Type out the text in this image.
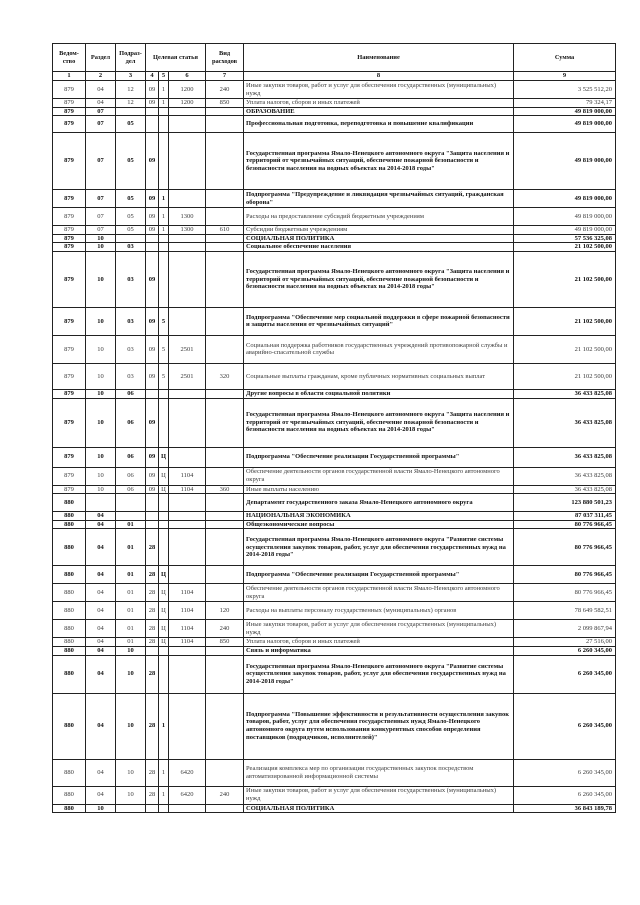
Ведом-ство	Раздел	Подраз-дел	Целевая статья			Вид расходов	Наименование	Сумма
1	2	3	4	5	6	7	8	9
879	04	12	09	1	1200	240	Иные закупки товаров, работ и услуг для обеспечения государственных (муниципальных) нужд	3 525 512,20
879	04	12	09	1	1200	850	Уплата налогов, сборов и иных платежей	79 324,17
879	07						ОБРАЗОВАНИЕ	49 819 000,00
879	07	05					Профессиональная подготовка, переподготовка и повышение квалификации	49 819 000,00
879	07	05	09				Государственная программа Ямало-Ненецкого автономного округа "Защита населения и территорий от чрезвычайных ситуаций, обеспечение пожарной безопасности и безопасности населения на водных объектах на 2014-2018 годы"	49 819 000,00
879	07	05	09	1			Подпрограмма "Предупреждение и ликвидация чрезвычайных ситуаций, гражданская оборона"	49 819 000,00
879	07	05	09	1	1300		Расходы на предоставление субсидий бюджетным учреждениям	49 819 000,00
879	07	05	09	1	1300	610	Субсидии бюджетным учреждениям	49 819 000,00
879	10						СОЦИАЛЬНАЯ ПОЛИТИКА	57 536 325,08
879	10	03					Социальное обеспечение населения	21 102 500,00
879	10	03	09				Государственная программа Ямало-Ненецкого автономного округа "Защита населения и территорий от чрезвычайных ситуаций, обеспечение пожарной безопасности и безопасности населения на водных объектах на 2014-2018 годы"	21 102 500,00
879	10	03	09	5			Подпрограмма "Обеспечение мер социальной поддержки в сфере пожарной безопасности и защиты населения от чрезвычайных ситуаций"	21 102 500,00
879	10	03	09	5	2501		Социальная поддержка работников государственных учреждений противопожарной службы и аварийно-спасательной службы	21 102 500,00
879	10	03	09	5	2501	320	Социальные выплаты гражданам, кроме публичных нормативных социальных выплат	21 102 500,00
879	10	06					Другие вопросы в области социальной политики	36 433 825,08
879	10	06	09				Государственная программа Ямало-Ненецкого автономного округа "Защита населения и территорий от чрезвычайных ситуаций, обеспечение пожарной безопасности и безопасности населения на водных объектах на 2014-2018 годы"	36 433 825,08
879	10	06	09	Ц			Подпрограмма "Обеспечение реализации Государственной программы"	36 433 825,08
879	10	06	09	Ц	1104		Обеспечение деятельности органов государственной власти Ямало-Ненецкого автономного округа	36 433 825,08
879	10	06	09	Ц	1104	360	Иные выплаты населению	36 433 825,08
880							Департамент государственного заказа Ямало-Ненецкого автономного округа	123 880 501,23
880	04						НАЦИОНАЛЬНАЯ ЭКОНОМИКА	87 037 311,45
880	04	01					Общеэкономические вопросы	80 776 966,45
880	04	01	28				Государственная программа Ямало-Ненецкого автономного округа "Развитие системы осуществления закупок товаров, работ, услуг для обеспечения государственных нужд на 2014-2018 годы"	80 776 966,45
880	04	01	28	Ц			Подпрограмма "Обеспечение реализации Государственной программы"	80 776 966,45
880	04	01	28	Ц	1104		Обеспечение деятельности органов государственной власти Ямало-Ненецкого автономного округа	80 776 966,45
880	04	01	28	Ц	1104	120	Расходы на выплаты персоналу государственных (муниципальных) органов	78 649 582,51
880	04	01	28	Ц	1104	240	Иные закупки товаров, работ и услуг для обеспечения государственных (муниципальных) нужд	2 099 867,94
880	04	01	28	Ц	1104	850	Уплата налогов, сборов и иных платежей	27 516,00
880	04	10					Связь и информатика	6 260 345,00
880	04	10	28				Государственная программа Ямало-Ненецкого автономного округа "Развитие системы осуществления закупок товаров, работ, услуг для обеспечения государственных нужд на 2014-2018 годы"	6 260 345,00
880	04	10	28	1			Подпрограмма "Повышение эффективности и результативности осуществления закупок товаров, работ, услуг для обеспечения государственных нужд Ямало-Ненецкого автономного округа путем использования конкурентных способов определения поставщиков (подрядчиков, исполнителей)"	6 260 345,00
880	04	10	28	1	6420		Реализация комплекса мер по организации государственных закупок посредством автоматизированной информационной системы	6 260 345,00
880	04	10	28	1	6420	240	Иные закупки товаров, работ и услуг для обеспечения государственных (муниципальных) нужд	6 260 345,00
880	10						СОЦИАЛЬНАЯ ПОЛИТИКА	36 843 189,78
